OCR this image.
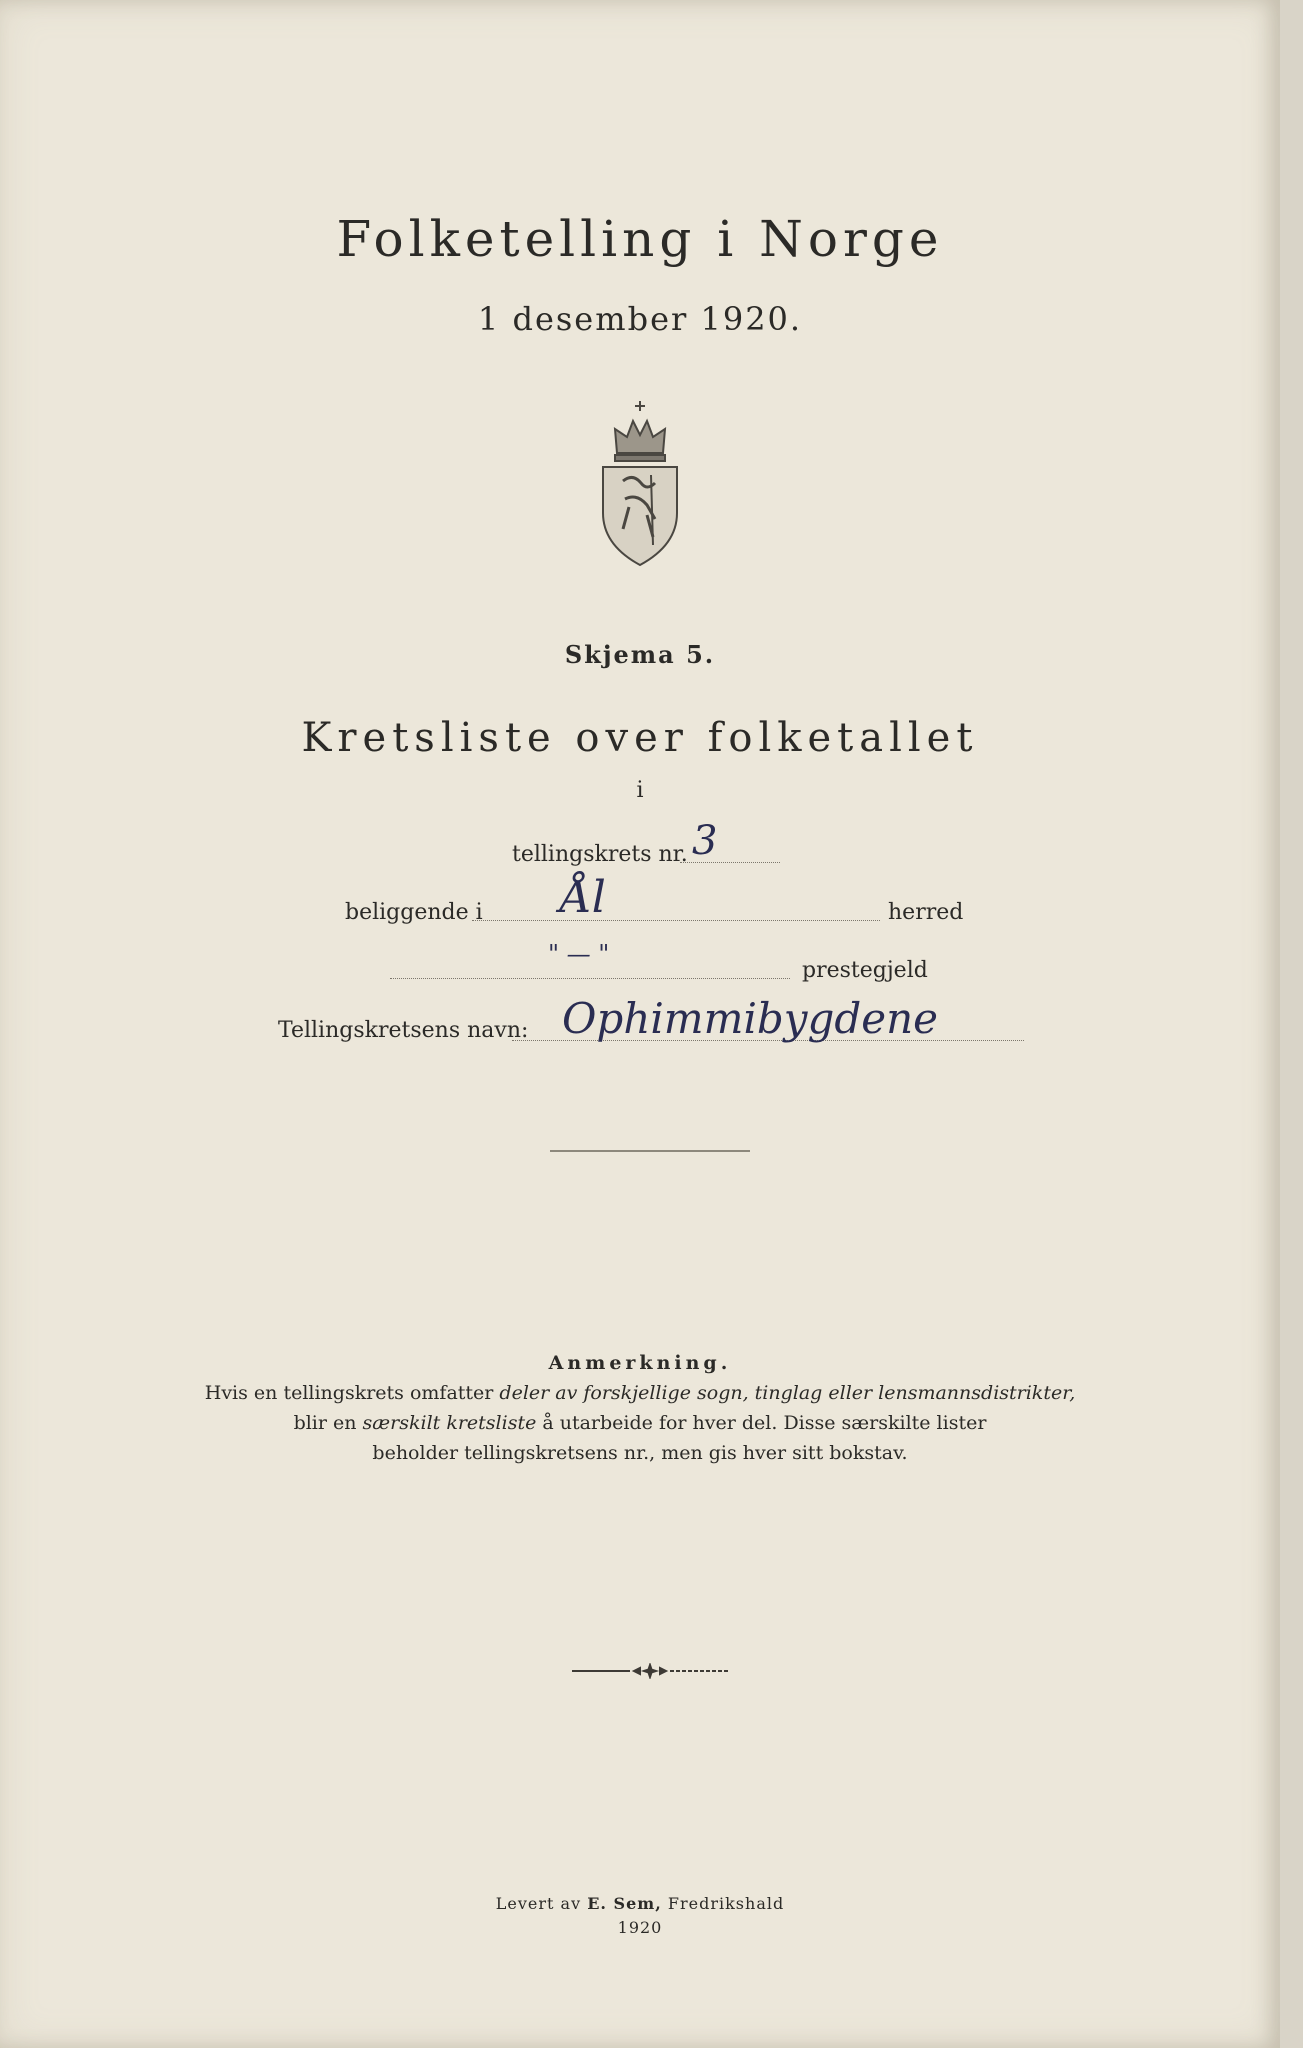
Folketelling i Norge
1 desember 1920.
Skjema 5.
Kretsliste over folketallet
i
tellingskrets nr. 3
beliggende i Ål	herred
" — "
prestegjeld
Tellingskretsens navn: Ophimmibygdene
Anmerkning.
Hvis en tellingskrets omfatter deler av forskjellige sogn, tinglag eller lensmannsdistrikter,
blir en særskilt kretsliste å utarbeide for hver del. Disse særskilte lister
beholder tellingskretsens nr., men gis hver sitt bokstav.
Levert av E. Sem, Fredrikshald
1920
